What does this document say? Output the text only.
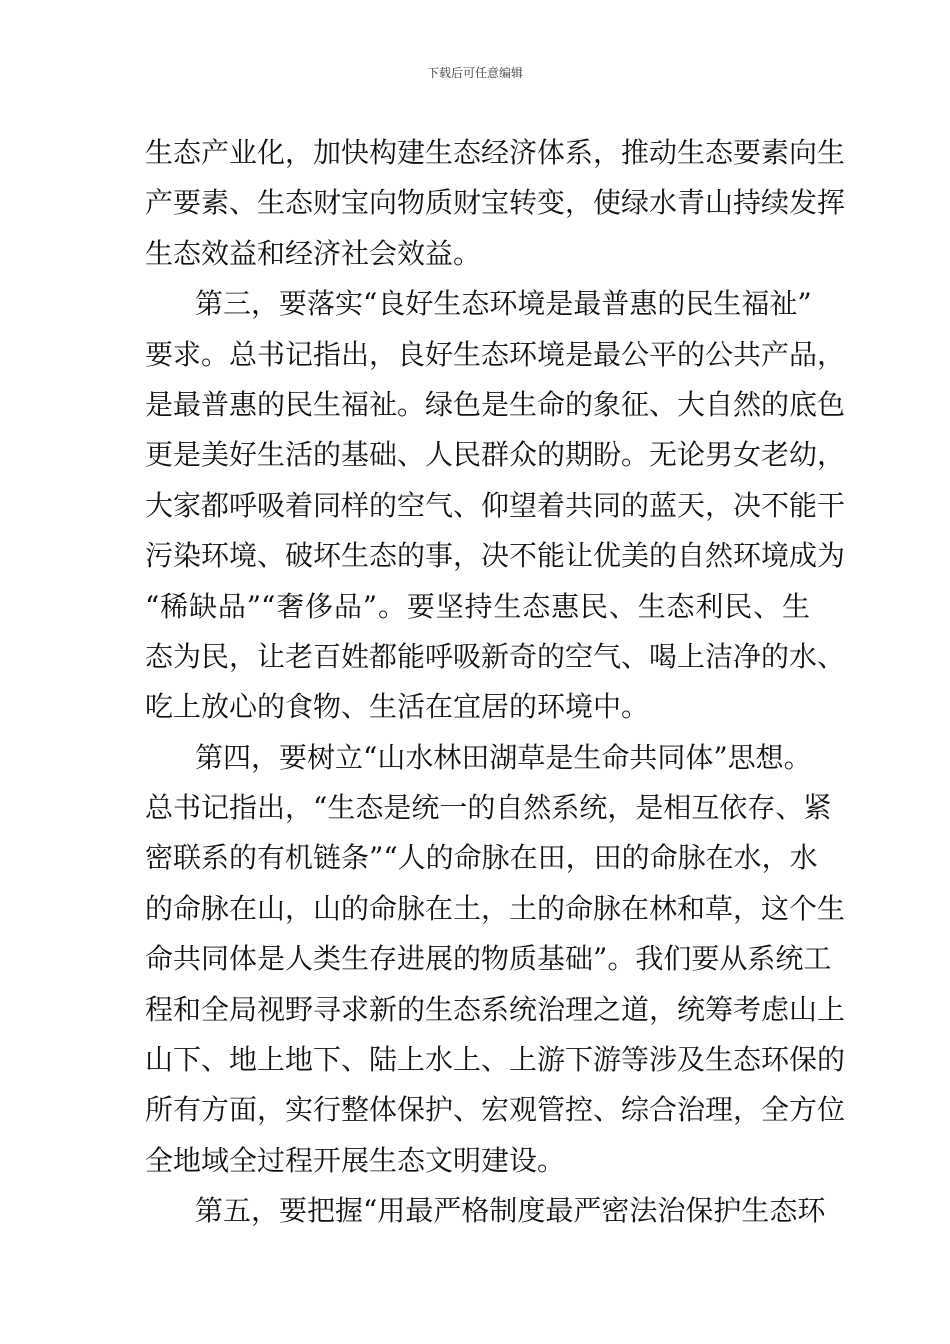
下载后可任意编辑
生态产业化，加快构建生态经济体系，推动生态要素向生
产要素、生态财宝向物质财宝转变，使绿水青山持续发挥
生态效益和经济社会效益。
第三，要落实“良好生态环境是最普惠的民生福祉”
要求。总书记指出，良好生态环境是最公平的公共产品，
是最普惠的民生福祉。绿色是生命的象征、大自然的底色
更是美好生活的基础、人民群众的期盼。无论男女老幼，
大家都呼吸着同样的空气、仰望着共同的蓝天，决不能干
污染环境、破坏生态的事，决不能让优美的自然环境成为
“稀缺品”“奢侈品”。要坚持生态惠民、生态利民、生
态为民，让老百姓都能呼吸新奇的空气、喝上洁净的水、
吃上放心的食物、生活在宜居的环境中。
第四，要树立“山水林田湖草是生命共同体”思想。
总书记指出，“生态是统一的自然系统，是相互依存、紧
密联系的有机链条”“人的命脉在田，田的命脉在水，水
的命脉在山，山的命脉在土，土的命脉在林和草，这个生
命共同体是人类生存进展的物质基础”。我们要从系统工
程和全局视野寻求新的生态系统治理之道，统筹考虑山上
山下、地上地下、陆上水上、上游下游等涉及生态环保的
所有方面，实行整体保护、宏观管控、综合治理，全方位
全地域全过程开展生态文明建设。
第五，要把握“用最严格制度最严密法治保护生态环
